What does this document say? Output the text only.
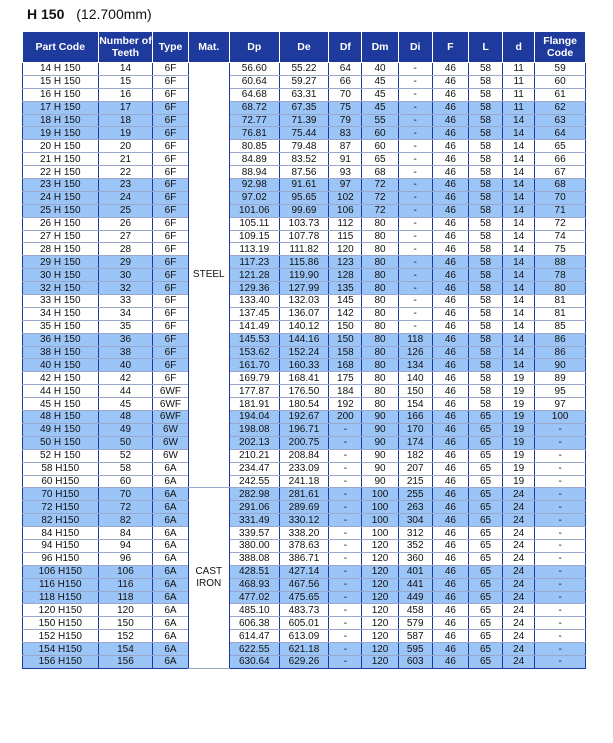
H 150 (12.700mm)
Part Code	Number of Teeth	Type	Mat.	Dp	De	Df	Dm	Di	F	L	d	Flange Code
14 H 150	14	6F	STEEL	56.60	55.22	64	40	-	46	58	11	59
15 H 150	15	6F		60.64	59.27	66	45	-	46	58	11	60
16 H 150	16	6F		64.68	63.31	70	45	-	46	58	11	61
17 H 150	17	6F		68.72	67.35	75	45	-	46	58	11	62
18 H 150	18	6F		72.77	71.39	79	55	-	46	58	14	63
19 H 150	19	6F		76.81	75.44	83	60	-	46	58	14	64
20 H 150	20	6F		80.85	79.48	87	60	-	46	58	14	65
21 H 150	21	6F		84.89	83.52	91	65	-	46	58	14	66
22 H 150	22	6F		88.94	87.56	93	68	-	46	58	14	67
23 H 150	23	6F		92.98	91.61	97	72	-	46	58	14	68
24 H 150	24	6F		97.02	95.65	102	72	-	46	58	14	70
25 H 150	25	6F		101.06	99.69	106	72	-	46	58	14	71
26 H 150	26	6F		105.11	103.73	112	80	-	46	58	14	72
27 H 150	27	6F		109.15	107.78	115	80	-	46	58	14	74
28 H 150	28	6F		113.19	111.82	120	80	-	46	58	14	75
29 H 150	29	6F		117.23	115.86	123	80	-	46	58	14	88
30 H 150	30	6F		121.28	119.90	128	80	-	46	58	14	78
32 H 150	32	6F		129.36	127.99	135	80	-	46	58	14	80
33 H 150	33	6F		133.40	132.03	145	80	-	46	58	14	81
34 H 150	34	6F		137.45	136.07	142	80	-	46	58	14	81
35 H 150	35	6F		141.49	140.12	150	80	-	46	58	14	85
36 H 150	36	6F		145.53	144.16	150	80	118	46	58	14	86
38 H 150	38	6F		153.62	152.24	158	80	126	46	58	14	86
40 H 150	40	6F		161.70	160.33	168	80	134	46	58	14	90
42 H 150	42	6F		169.79	168.41	175	80	140	46	58	19	89
44 H 150	44	6WF		177.87	176.50	184	80	150	46	58	19	95
45 H 150	45	6WF		181.91	180.54	192	80	154	46	58	19	97
48 H 150	48	6WF		194.04	192.67	200	90	166	46	65	19	100
49 H 150	49	6W		198.08	196.71	-	90	170	46	65	19	-
50 H 150	50	6W		202.13	200.75	-	90	174	46	65	19	-
52 H 150	52	6W		210.21	208.84	-	90	182	46	65	19	-
58 H150	58	6A		234.47	233.09	-	90	207	46	65	19	-
60 H150	60	6A		242.55	241.18	-	90	215	46	65	19	-
70 H150	70	6A	CAST IRON	282.98	281.61	-	100	255	46	65	24	-
72 H150	72	6A		291.06	289.69	-	100	263	46	65	24	-
82 H150	82	6A		331.49	330.12	-	100	304	46	65	24	-
84 H150	84	6A		339.57	338.20	-	100	312	46	65	24	-
94 H150	94	6A		380.00	378.63	-	120	352	46	65	24	-
96 H150	96	6A		388.08	386.71	-	120	360	46	65	24	-
106 H150	106	6A		428.51	427.14	-	120	401	46	65	24	-
116 H150	116	6A		468.93	467.56	-	120	441	46	65	24	-
118 H150	118	6A		477.02	475.65	-	120	449	46	65	24	-
120 H150	120	6A		485.10	483.73	-	120	458	46	65	24	-
150 H150	150	6A		606.38	605.01	-	120	579	46	65	24	-
152 H150	152	6A		614.47	613.09	-	120	587	46	65	24	-
154 H150	154	6A		622.55	621.18	-	120	595	46	65	24	-
156 H150	156	6A		630.64	629.26	-	120	603	46	65	24	-
